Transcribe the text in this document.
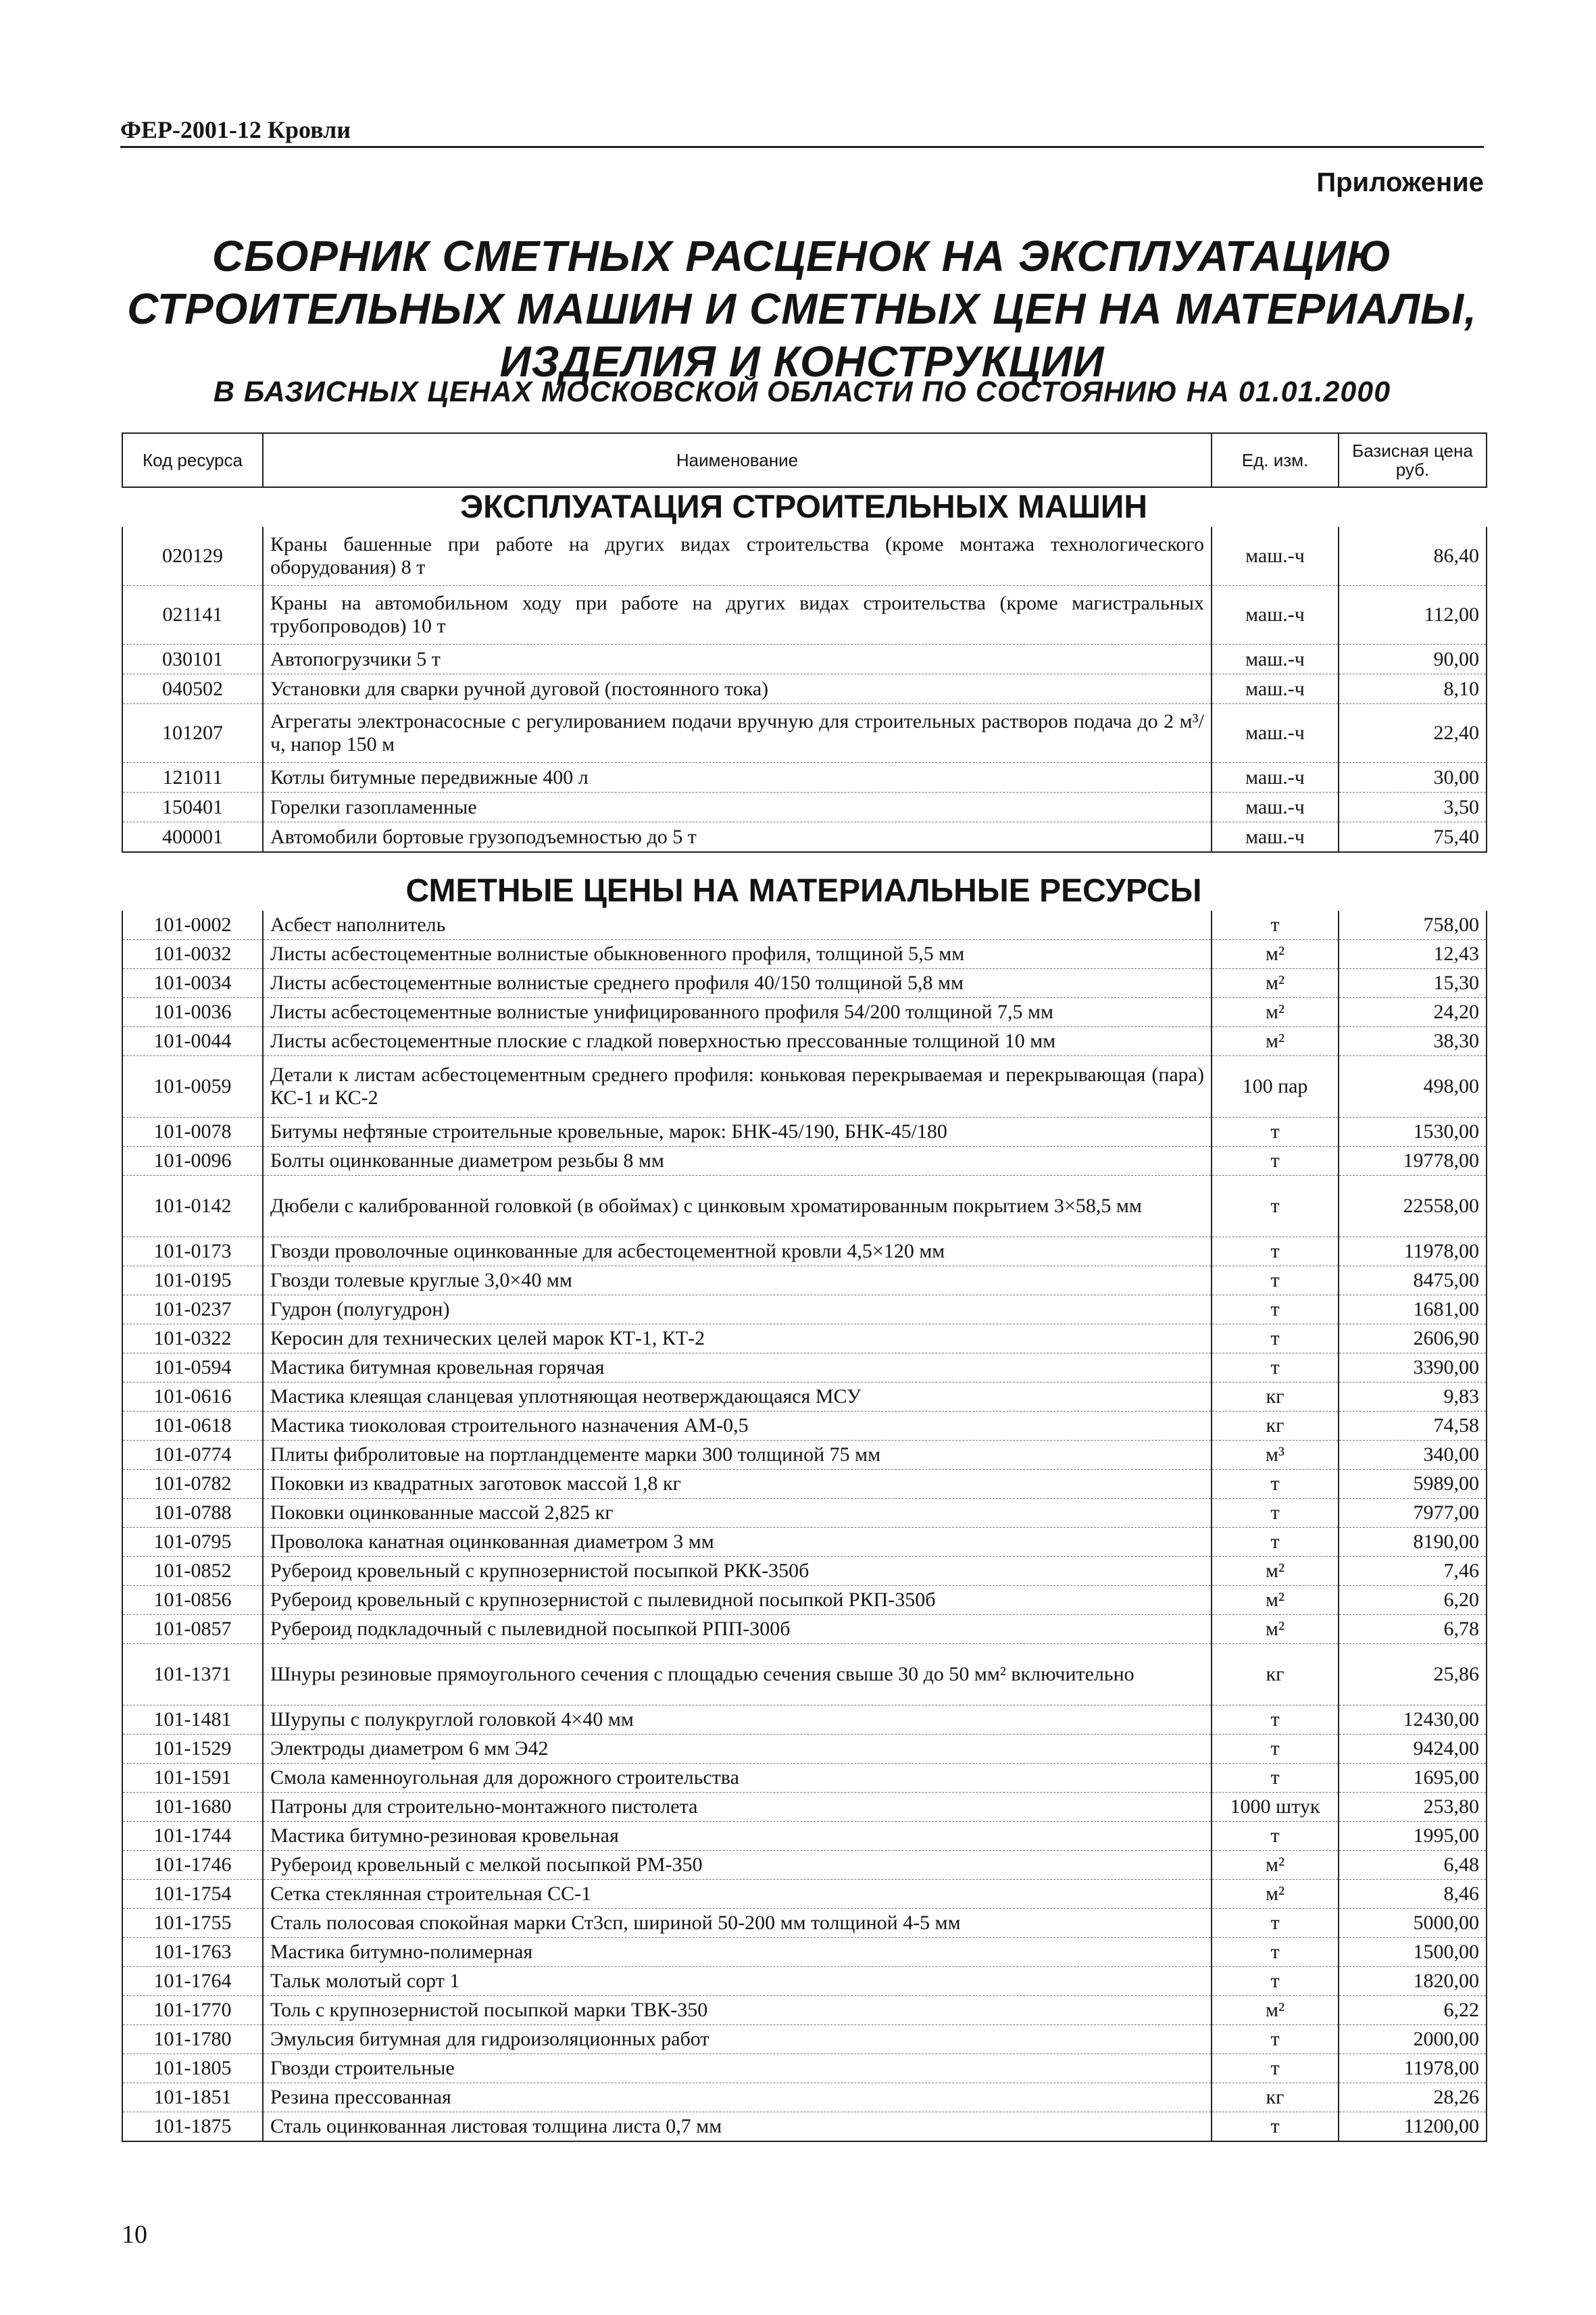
ФЕР-2001-12 Кровли
Приложение
СБОРНИК СМЕТНЫХ РАСЦЕНОК НА ЭКСПЛУАТАЦИЮ
СТРОИТЕЛЬНЫХ МАШИН И СМЕТНЫХ ЦЕН НА МАТЕРИАЛЫ,
ИЗДЕЛИЯ И КОНСТРУКЦИИ
В БАЗИСНЫХ ЦЕНАХ МОСКОВСКОЙ ОБЛАСТИ ПО СОСТОЯНИЮ НА 01.01.2000
Код ресурса	Наименование	Ед. изм.	Базисная цена руб.
ЭКСПЛУАТАЦИЯ СТРОИТЕЛЬНЫХ МАШИН
020129	Краны башенные при работе на других видах строительства (кроме монтажа технологического оборудования) 8 т	маш.-ч	86,40
021141	Краны на автомобильном ходу при работе на других видах строительства (кроме магистральных трубопроводов) 10 т	маш.-ч	112,00
030101	Автопогрузчики 5 т	маш.-ч	90,00
040502	Установки для сварки ручной дуговой (постоянного тока)	маш.-ч	8,10
101207	Агрегаты электронасосные с регулированием подачи вручную для строительных растворов подача до 2 м³/ч, напор 150 м	маш.-ч	22,40
121011	Котлы битумные передвижные 400 л	маш.-ч	30,00
150401	Горелки газопламенные	маш.-ч	3,50
400001	Автомобили бортовые грузоподъемностью до 5 т	маш.-ч	75,40
СМЕТНЫЕ ЦЕНЫ НА МАТЕРИАЛЬНЫЕ РЕСУРСЫ
101-0002	Асбест наполнитель	т	758,00
101-0032	Листы асбестоцементные волнистые обыкновенного профиля, толщиной 5,5 мм	м²	12,43
101-0034	Листы асбестоцементные волнистые среднего профиля 40/150 толщиной 5,8 мм	м²	15,30
101-0036	Листы асбестоцементные волнистые унифицированного профиля 54/200 толщиной 7,5 мм	м²	24,20
101-0044	Листы асбестоцементные плоские с гладкой поверхностью прессованные толщиной 10 мм	м²	38,30
101-0059	Детали к листам асбестоцементным среднего профиля: коньковая перекрываемая и перекрывающая (пара) КС-1 и КС-2	100 пар	498,00
101-0078	Битумы нефтяные строительные кровельные, марок: БНК-45/190, БНК-45/180	т	1530,00
101-0096	Болты оцинкованные диаметром резьбы 8 мм	т	19778,00
101-0142	Дюбели с калиброванной головкой (в обоймах) с цинковым хроматированным покрытием 3×58,5 мм	т	22558,00
101-0173	Гвозди проволочные оцинкованные для асбестоцементной кровли 4,5×120 мм	т	11978,00
101-0195	Гвозди толевые круглые 3,0×40 мм	т	8475,00
101-0237	Гудрон (полугудрон)	т	1681,00
101-0322	Керосин для технических целей марок КТ-1, КТ-2	т	2606,90
101-0594	Мастика битумная кровельная горячая	т	3390,00
101-0616	Мастика клеящая сланцевая уплотняющая неотверждающаяся МСУ	кг	9,83
101-0618	Мастика тиоколовая строительного назначения АМ-0,5	кг	74,58
101-0774	Плиты фибролитовые на портландцементе марки 300 толщиной 75 мм	м³	340,00
101-0782	Поковки из квадратных заготовок массой 1,8 кг	т	5989,00
101-0788	Поковки оцинкованные массой 2,825 кг	т	7977,00
101-0795	Проволока канатная оцинкованная диаметром 3 мм	т	8190,00
101-0852	Рубероид кровельный с крупнозернистой посыпкой РКК-350б	м²	7,46
101-0856	Рубероид кровельный с крупнозернистой с пылевидной посыпкой РКП-350б	м²	6,20
101-0857	Рубероид подкладочный с пылевидной посыпкой РПП-300б	м²	6,78
101-1371	Шнуры резиновые прямоугольного сечения с площадью сечения свыше 30 до 50 мм² включительно	кг	25,86
101-1481	Шурупы с полукруглой головкой 4×40 мм	т	12430,00
101-1529	Электроды диаметром 6 мм Э42	т	9424,00
101-1591	Смола каменноугольная для дорожного строительства	т	1695,00
101-1680	Патроны для строительно-монтажного пистолета	1000 штук	253,80
101-1744	Мастика битумно-резиновая кровельная	т	1995,00
101-1746	Рубероид кровельный с мелкой посыпкой РМ-350	м²	6,48
101-1754	Сетка стеклянная строительная СС-1	м²	8,46
101-1755	Сталь полосовая спокойная марки Ст3сп, шириной 50-200 мм толщиной 4-5 мм	т	5000,00
101-1763	Мастика битумно-полимерная	т	1500,00
101-1764	Тальк молотый сорт 1	т	1820,00
101-1770	Толь с крупнозернистой посыпкой марки ТВК-350	м²	6,22
101-1780	Эмульсия битумная для гидроизоляционных работ	т	2000,00
101-1805	Гвозди строительные	т	11978,00
101-1851	Резина прессованная	кг	28,26
101-1875	Сталь оцинкованная листовая толщина листа 0,7 мм	т	11200,00
10
